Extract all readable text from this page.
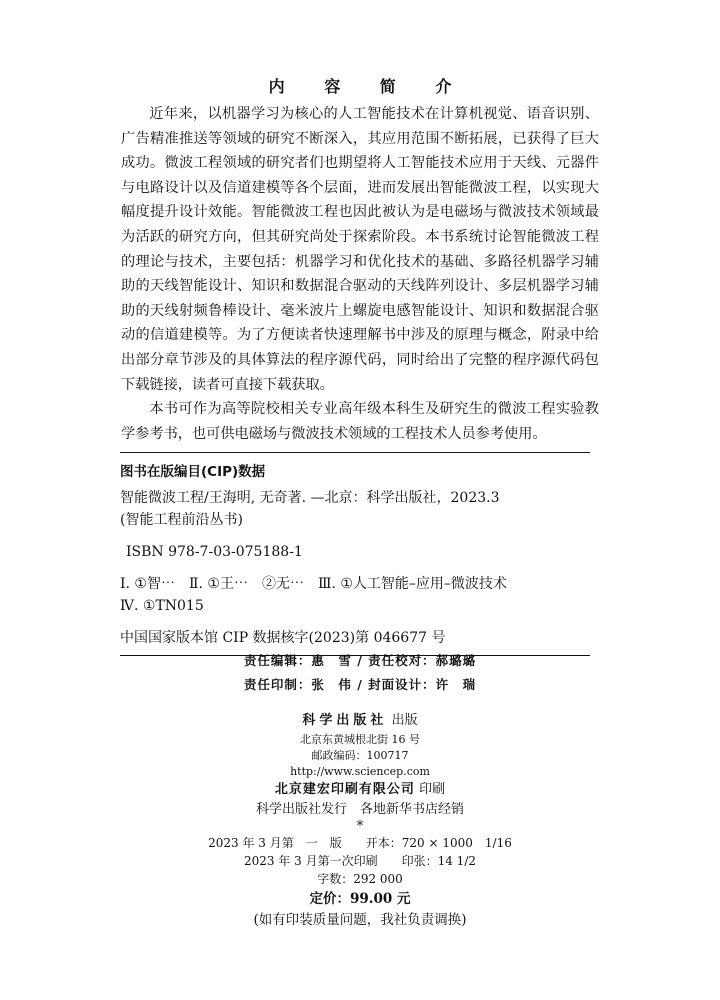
内 容 简 介

近年来，以机器学习为核心的人工智能技术在计算机视觉、语音识别、广告精准推送等领域的研究不断深入，其应用范围不断拓展，已获得了巨大成功。微波工程领域的研究者们也期望将人工智能技术应用于天线、元器件与电路设计以及信道建模等各个层面，进而发展出智能微波工程，以实现大幅度提升设计效能。智能微波工程也因此被认为是电磁场与微波技术领域最为活跃的研究方向，但其研究尚处于探索阶段。本书系统讨论智能微波工程的理论与技术，主要包括：机器学习和优化技术的基础、多路径机器学习辅助的天线智能设计、知识和数据混合驱动的天线阵列设计、多层机器学习辅助的天线射频鲁棒设计、毫米波片上螺旋电感智能设计、知识和数据混合驱动的信道建模等。为了方便读者快速理解书中涉及的原理与概念，附录中给出部分章节涉及的具体算法的程序源代码，同时给出了完整的程序源代码包下载链接，读者可直接下载获取。

本书可作为高等院校相关专业高年级本科生及研究生的微波工程实验教学参考书，也可供电磁场与微波技术领域的工程技术人员参考使用。

图书在版编目(CIP)数据
智能微波工程/王海明, 无奇著. —北京：科学出版社，2023.3
(智能工程前沿丛书)
ISBN 978-7-03-075188-1
Ⅰ. ①智⋯　Ⅱ. ①王⋯　②无⋯　Ⅲ. ①人工智能–应用–微波技术
Ⅳ. ①TN015
中国国家版本馆 CIP 数据核字(2023)第 046677 号
责任编辑：惠　雪 / 责任校对：郝璐璐
责任印制：张　伟 / 封面设计：许　瑞
科学出版社 出版
北京东黄城根北街 16 号
邮政编码：100717
http://www.sciencep.com
北京建宏印刷有限公司 印刷
科学出版社发行　各地新华书店经销
*
2023 年 3 月第　一　版　　开本：720 × 1000　1/16
2023 年 3 月第一次印刷　　印张：14 1/2
字数：292 000
定价：99.00 元
(如有印装质量问题，我社负责调换)
